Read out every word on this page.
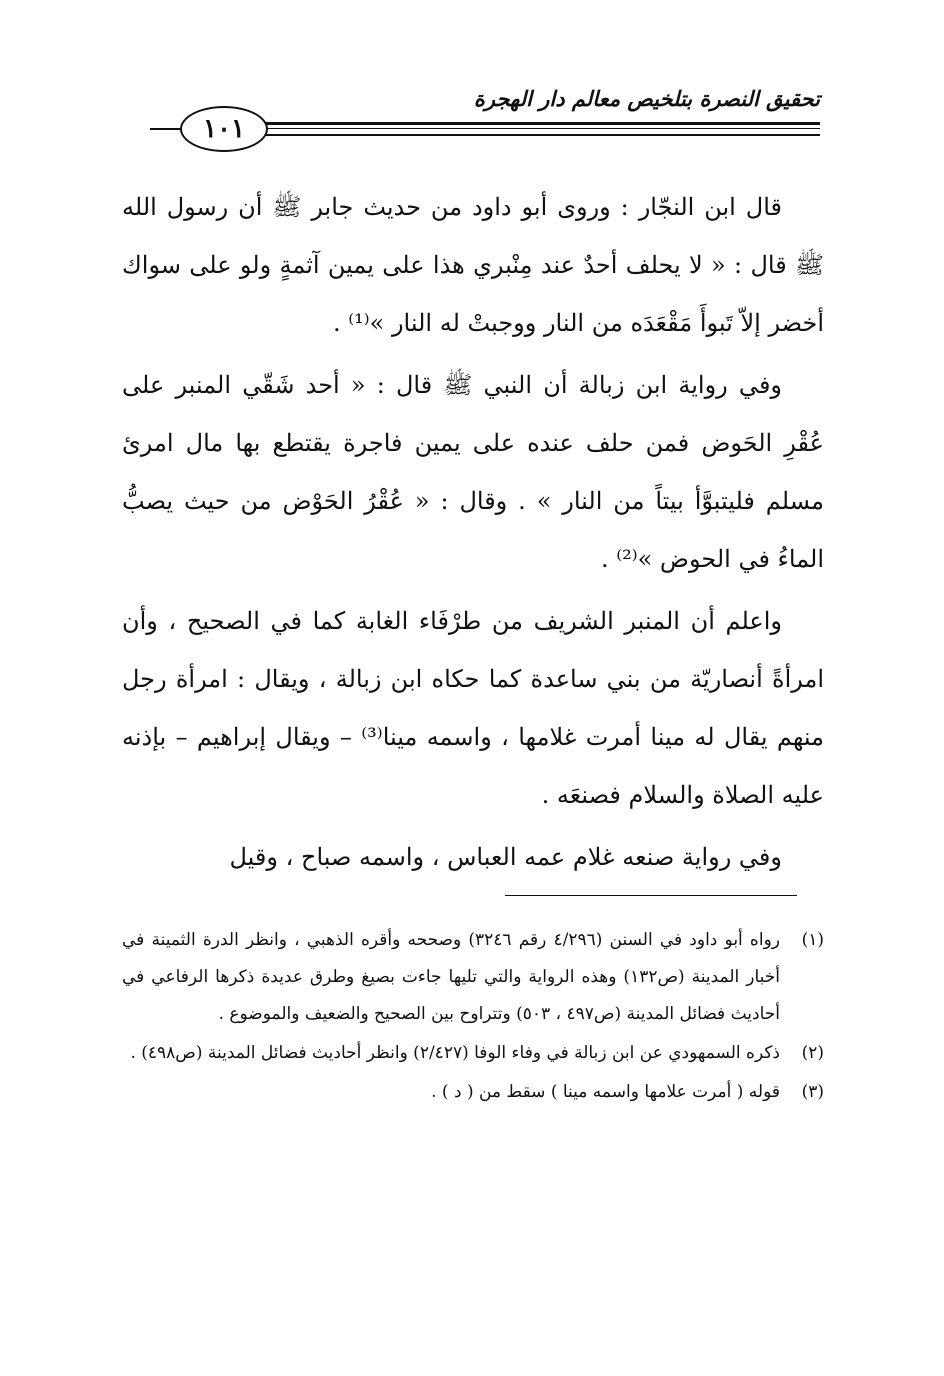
تحقيق النصرة بتلخيص معالم دار الهجرة
١٠١

قال ابن النجّار : وروى أبو داود من حديث جابر ﷺ أن رسول الله ﷺ قال : « لا يحلف أحدٌ عند مِنْبري هذا على يمين آثمةٍ ولو على سواك أخضر إلاّ تَبوأَ مَقْعَدَه من النار ووجبتْ له النار »⁽¹⁾ .

وفي رواية ابن زبالة أن النبي ﷺ قال : « أحد شَقّي المنبر على عُقْرِ الحَوض فمن حلف عنده على يمين فاجرة يقتطع بها مال امرئ مسلم فليتبوَّأ بيتاً من النار » . وقال : « عُقْرُ الحَوْض من حيث يصبُّ الماءُ في الحوض »⁽²⁾ .

واعلم أن المنبر الشريف من طرْفَاء الغابة كما في الصحيح ، وأن امرأةً أنصاريّة من بني ساعدة كما حكاه ابن زبالة ، ويقال : امرأة رجل منهم يقال له مينا أمرت غلامها ، واسمه مينا⁽³⁾ – ويقال إبراهيم – بإذنه عليه الصلاة والسلام فصنعَه .

وفي رواية صنعه غلام عمه العباس ، واسمه صباح ، وقيل

(١)
رواه أبو داود في السنن (٤/٢٩٦ رقم ٣٢٤٦) وصححه وأقره الذهبي ، وانظر الدرة الثمينة في أخبار المدينة (ص١٣٢) وهذه الرواية والتي تليها جاءت بصيغ وطرق عديدة ذكرها الرفاعي في أحاديث فضائل المدينة (ص٤٩٧ ، ٥٠٣) وتتراوح بين الصحيح والضعيف والموضوع .
(٢)
ذكره السمهودي عن ابن زبالة في وفاء الوفا (٢/٤٢٧) وانظر أحاديث فضائل المدينة (ص٤٩٨) .
(٣)
قوله ( أمرت علامها واسمه مينا ) سقط من ( د ) .
